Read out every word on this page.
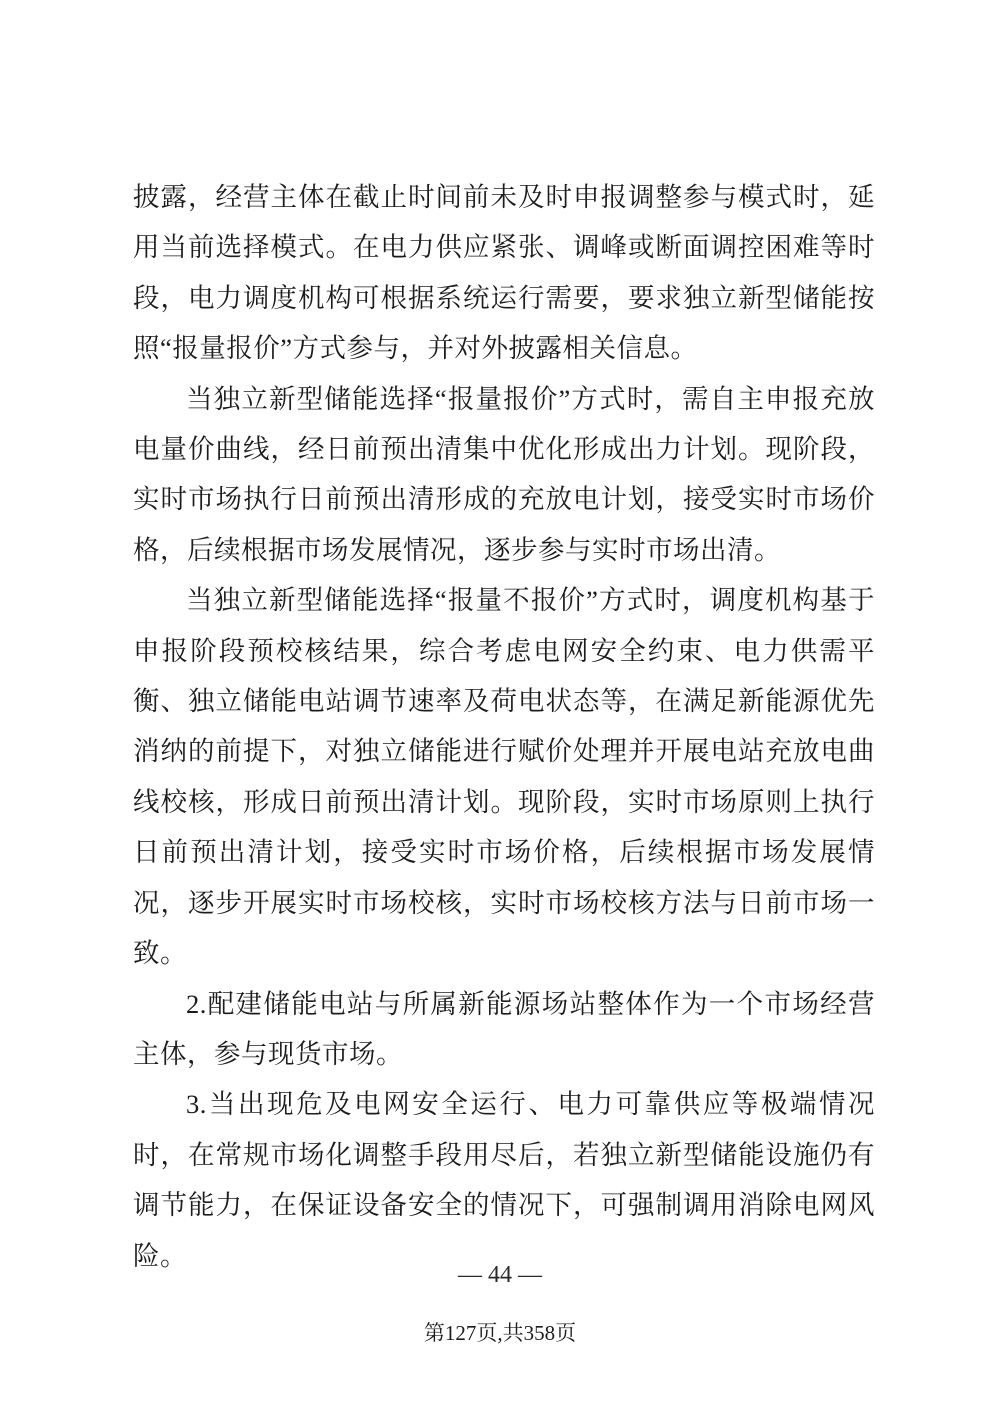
披露，经营主体在截止时间前未及时申报调整参与模式时，延用当前选择模式。在电力供应紧张、调峰或断面调控困难等时段，电力调度机构可根据系统运行需要，要求独立新型储能按照“报量报价”方式参与，并对外披露相关信息。

当独立新型储能选择“报量报价”方式时，需自主申报充放电量价曲线，经日前预出清集中优化形成出力计划。现阶段，实时市场执行日前预出清形成的充放电计划，接受实时市场价格，后续根据市场发展情况，逐步参与实时市场出清。

当独立新型储能选择“报量不报价”方式时，调度机构基于申报阶段预校核结果，综合考虑电网安全约束、电力供需平衡、独立储能电站调节速率及荷电状态等，在满足新能源优先消纳的前提下，对独立储能进行赋价处理并开展电站充放电曲线校核，形成日前预出清计划。现阶段，实时市场原则上执行日前预出清计划，接受实时市场价格，后续根据市场发展情况，逐步开展实时市场校核，实时市场校核方法与日前市场一致。

2.配建储能电站与所属新能源场站整体作为一个市场经营主体，参与现货市场。

3.当出现危及电网安全运行、电力可靠供应等极端情况时，在常规市场化调整手段用尽后，若独立新型储能设施仍有调节能力，在保证设备安全的情况下，可强制调用消除电网风险。

— 44 —
第127页,共358页
